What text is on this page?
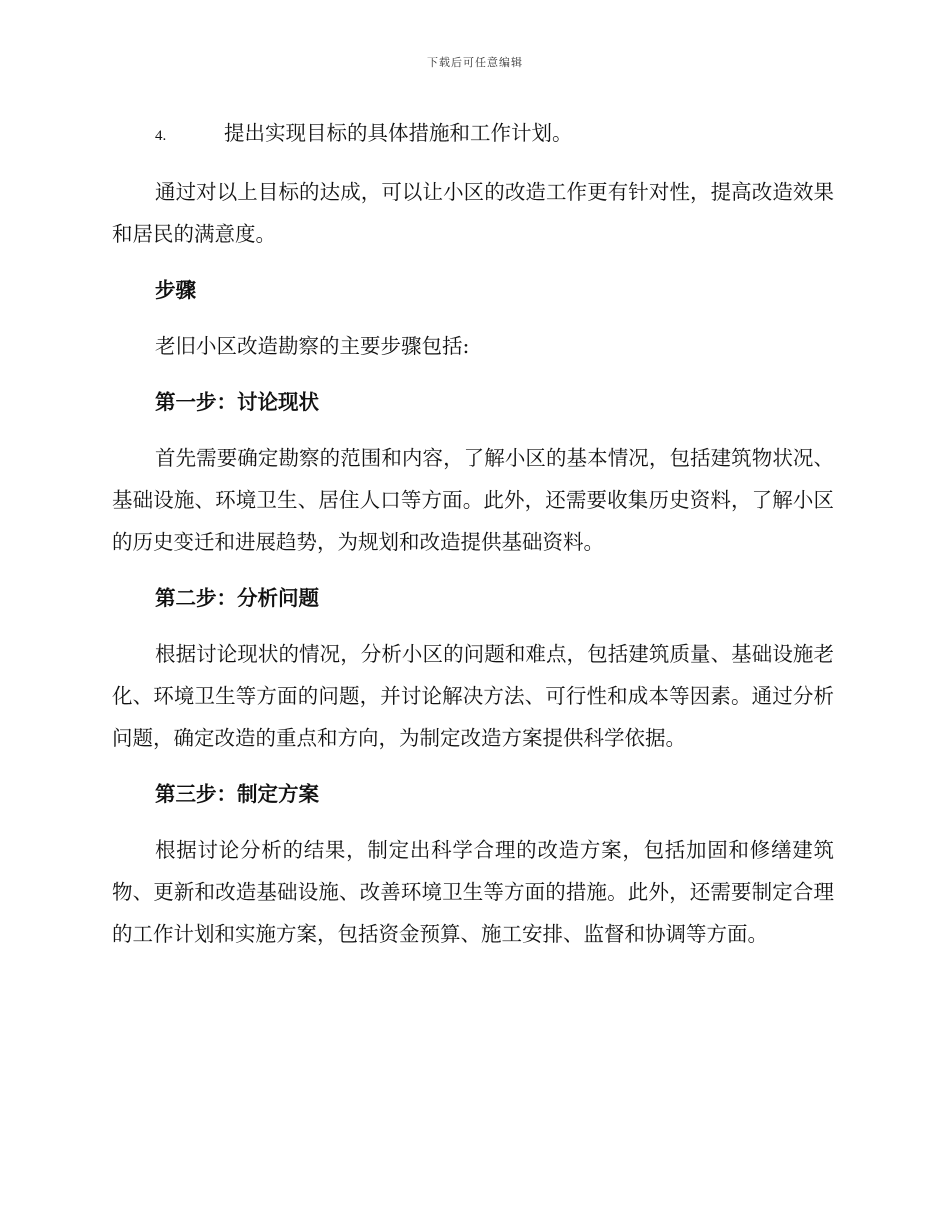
下载后可任意编辑
4.	提出实现目标的具体措施和工作计划。

通过对以上目标的达成，可以让小区的改造工作更有针对性，提高改造效果和居民的满意度。

步骤

老旧小区改造勘察的主要步骤包括:

第一步：讨论现状

首先需要确定勘察的范围和内容，了解小区的基本情况，包括建筑物状况、基础设施、环境卫生、居住人口等方面。此外，还需要收集历史资料，了解小区的历史变迁和进展趋势，为规划和改造提供基础资料。

第二步：分析问题

根据讨论现状的情况，分析小区的问题和难点，包括建筑质量、基础设施老化、环境卫生等方面的问题，并讨论解决方法、可行性和成本等因素。通过分析问题，确定改造的重点和方向，为制定改造方案提供科学依据。

第三步：制定方案

根据讨论分析的结果，制定出科学合理的改造方案，包括加固和修缮建筑物、更新和改造基础设施、改善环境卫生等方面的措施。此外，还需要制定合理的工作计划和实施方案，包括资金预算、施工安排、监督和协调等方面。
